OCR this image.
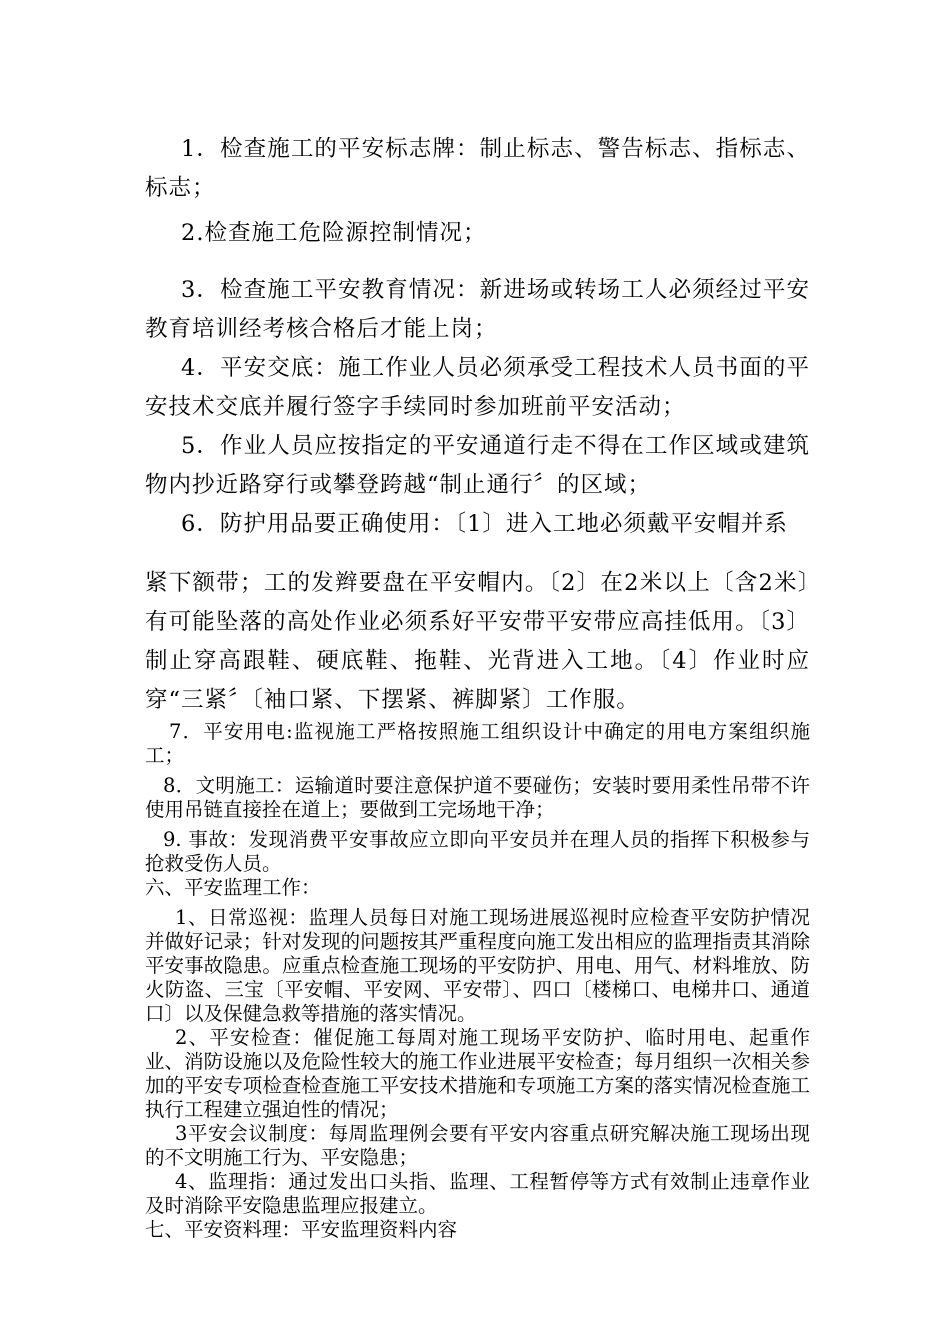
1．检查施工的平安标志牌：制止标志、警告标志、指标志、标志；

2.检查施工危险源控制情况；

3．检查施工平安教育情况：新进场或转场工人必须经过平安教育培训经考核合格后才能上岗；

4．平安交底：施工作业人员必须承受工程技术人员书面的平安技术交底并履行签字手续同时参加班前平安活动；

5．作业人员应按指定的平安通道行走不得在工作区域或建筑物内抄近路穿行或攀登跨越“制止通行〞的区域；

6．防护用品要正确使用：〔1〕进入工地必须戴平安帽并系

紧下额带；工的发辫要盘在平安帽内。〔2〕在2米以上〔含2米〕有可能坠落的高处作业必须系好平安带平安带应高挂低用。〔3〕制止穿高跟鞋、硬底鞋、拖鞋、光背进入工地。〔4〕作业时应穿“三紧〞〔袖口紧、下摆紧、裤脚紧〕工作服。

7．平安用电:监视施工严格按照施工组织设计中确定的用电方案组织施工；

8．文明施工：运输道时要注意保护道不要碰伤；安装时要用柔性吊带不许使用吊链直接拴在道上；要做到工完场地干净；

9. 事故：发现消费平安事故应立即向平安员并在理人员的指挥下积极参与抢救受伤人员。

六、平安监理工作：

1、日常巡视：监理人员每日对施工现场进展巡视时应检查平安防护情况并做好记录；针对发现的问题按其严重程度向施工发出相应的监理指责其消除平安事故隐患。应重点检查施工现场的平安防护、用电、用气、材料堆放、防火防盗、三宝〔平安帽、平安网、平安带〕、四口〔楼梯口、电梯井口、通道口〕以及保健急救等措施的落实情况。

2、平安检查：催促施工每周对施工现场平安防护、临时用电、起重作业、消防设施以及危险性较大的施工作业进展平安检查；每月组织一次相关参加的平安专项检查检查施工平安技术措施和专项施工方案的落实情况检查施工执行工程建立强迫性的情况；

3平安会议制度：每周监理例会要有平安内容重点研究解决施工现场出现的不文明施工行为、平安隐患；

4、监理指：通过发出口头指、监理、工程暂停等方式有效制止违章作业及时消除平安隐患监理应报建立。

七、平安资料理：平安监理资料内容
